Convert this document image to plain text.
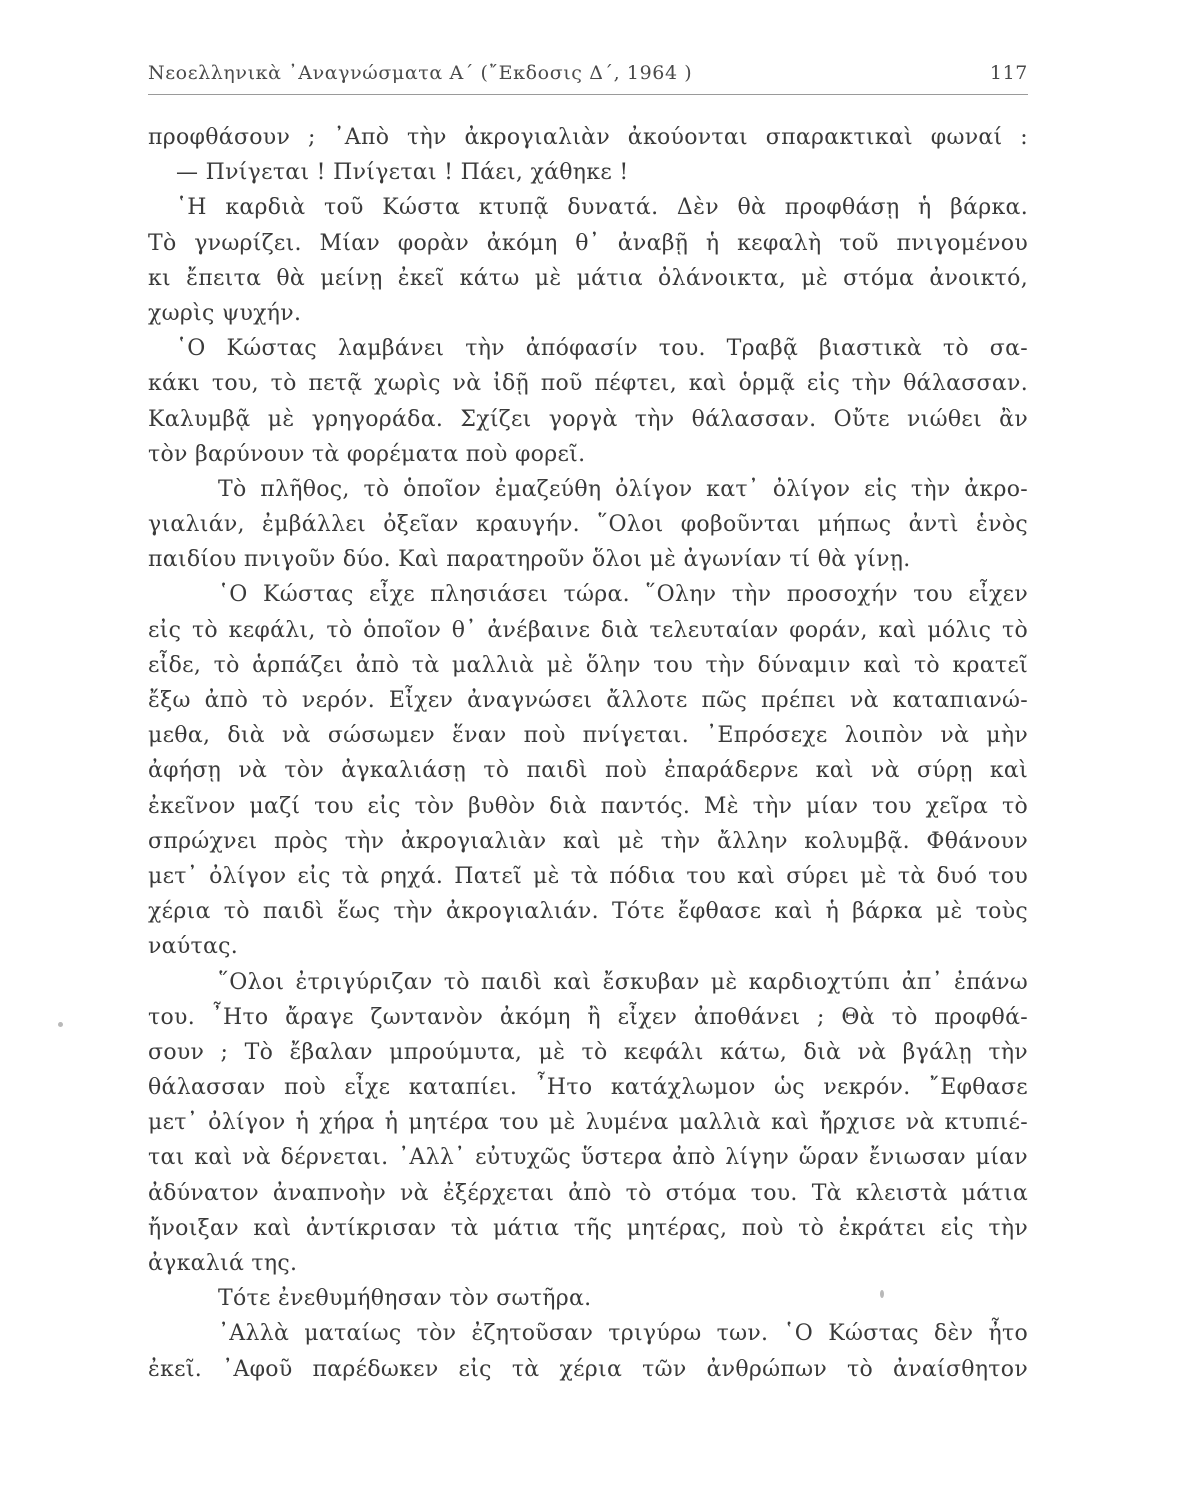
Νεοελληνικὰ ᾿Αναγνώσματα Α΄ (῎Εκδοσις Δ΄, 1964 )	117
προφθάσουν ; ᾿Απὸ τὴν ἀκρογιαλιὰν ἀκούονται σπαρακτικαὶ φωναί :
— Πνίγεται ! Πνίγεται ! Πάει, χάθηκε !
῾Η καρδιὰ τοῦ Κώστα κτυπᾷ δυνατά. Δὲν θὰ προφθάσῃ ἡ βάρκα.
Τὸ γνωρίζει. Μίαν φορὰν ἀκόμη θ᾿ ἀναβῇ ἡ κεφαλὴ τοῦ πνιγομένου
κι ἔπειτα θὰ μείνῃ ἐκεῖ κάτω μὲ μάτια ὀλάνοικτα, μὲ στόμα ἀνοικτό,
χωρὶς ψυχήν.
῾Ο Κώστας λαμβάνει τὴν ἀπόφασίν του. Τραβᾷ βιαστικὰ τὸ σα-
κάκι του, τὸ πετᾷ χωρὶς νὰ ἰδῇ ποῦ πέφτει, καὶ ὁρμᾷ εἰς τὴν θάλασσαν.
Καλυμβᾷ μὲ γρηγοράδα. Σχίζει γοργὰ τὴν θάλασσαν. Οὔτε νιώθει ἂν
τὸν βαρύνουν τὰ φορέματα ποὺ φορεῖ.
Τὸ πλῆθος, τὸ ὁποῖον ἐμαζεύθη ὀλίγον κατ᾿ ὀλίγον εἰς τὴν ἀκρο-
γιαλιάν, ἐμβάλλει ὀξεῖαν κραυγήν. ῞Ολοι φοβοῦνται μήπως ἀντὶ ἑνὸς
παιδίου πνιγοῦν δύο. Καὶ παρατηροῦν ὅλοι μὲ ἀγωνίαν τί θὰ γίνῃ.
῾Ο Κώστας εἶχε πλησιάσει τώρα. ῞Ολην τὴν προσοχήν του εἶχεν
εἰς τὸ κεφάλι, τὸ ὁποῖον θ᾿ ἀνέβαινε διὰ τελευταίαν φοράν, καὶ μόλις τὸ
εἶδε, τὸ ἁρπάζει ἀπὸ τὰ μαλλιὰ μὲ ὅλην του τὴν δύναμιν καὶ τὸ κρατεῖ
ἔξω ἀπὸ τὸ νερόν. Εἶχεν ἀναγνώσει ἄλλοτε πῶς πρέπει νὰ καταπιανώ-
μεθα, διὰ νὰ σώσωμεν ἕναν ποὺ πνίγεται. ᾿Επρόσεχε λοιπὸν νὰ μὴν
ἀφήσῃ νὰ τὸν ἀγκαλιάσῃ τὸ παιδὶ ποὺ ἐπαράδερνε καὶ νὰ σύρῃ καὶ
ἐκεῖνον μαζί του εἰς τὸν βυθὸν διὰ παντός. Μὲ τὴν μίαν του χεῖρα τὸ
σπρώχνει πρὸς τὴν ἀκρογιαλιὰν καὶ μὲ τὴν ἄλλην κολυμβᾷ. Φθάνουν
μετ᾿ ὀλίγον εἰς τὰ ρηχά. Πατεῖ μὲ τὰ πόδια του καὶ σύρει μὲ τὰ δυό του
χέρια τὸ παιδὶ ἕως τὴν ἀκρογιαλιάν. Τότε ἔφθασε καὶ ἡ βάρκα μὲ τοὺς
ναύτας.
῞Ολοι ἐτριγύριζαν τὸ παιδὶ καὶ ἔσκυβαν μὲ καρδιοχτύπι ἀπ᾿ ἐπάνω
του. ῏Ητο ἄραγε ζωντανὸν ἀκόμη ἢ εἶχεν ἀποθάνει ; Θὰ τὸ προφθά-
σουν ; Τὸ ἔβαλαν μπρούμυτα, μὲ τὸ κεφάλι κάτω, διὰ νὰ βγάλῃ τὴν
θάλασσαν ποὺ εἶχε καταπίει. ῏Ητο κατάχλωμον ὡς νεκρόν. ῎Εφθασε
μετ᾿ ὀλίγον ἡ χήρα ἡ μητέρα του μὲ λυμένα μαλλιὰ καὶ ἤρχισε νὰ κτυπιέ-
ται καὶ νὰ δέρνεται. ᾿Αλλ᾿ εὐτυχῶς ὕστερα ἀπὸ λίγην ὥραν ἔνιωσαν μίαν
ἀδύνατον ἀναπνοὴν νὰ ἐξέρχεται ἀπὸ τὸ στόμα του. Τὰ κλειστὰ μάτια
ἤνοιξαν καὶ ἀντίκρισαν τὰ μάτια τῆς μητέρας, ποὺ τὸ ἐκράτει εἰς τὴν
ἀγκαλιά της.
Τότε ἐνεθυμήθησαν τὸν σωτῆρα.
᾿Αλλὰ ματαίως τὸν ἐζητοῦσαν τριγύρω των. ῾Ο Κώστας δὲν ἦτο
ἐκεῖ. ᾿Αφοῦ παρέδωκεν εἰς τὰ χέρια τῶν ἀνθρώπων τὸ ἀναίσθητον
